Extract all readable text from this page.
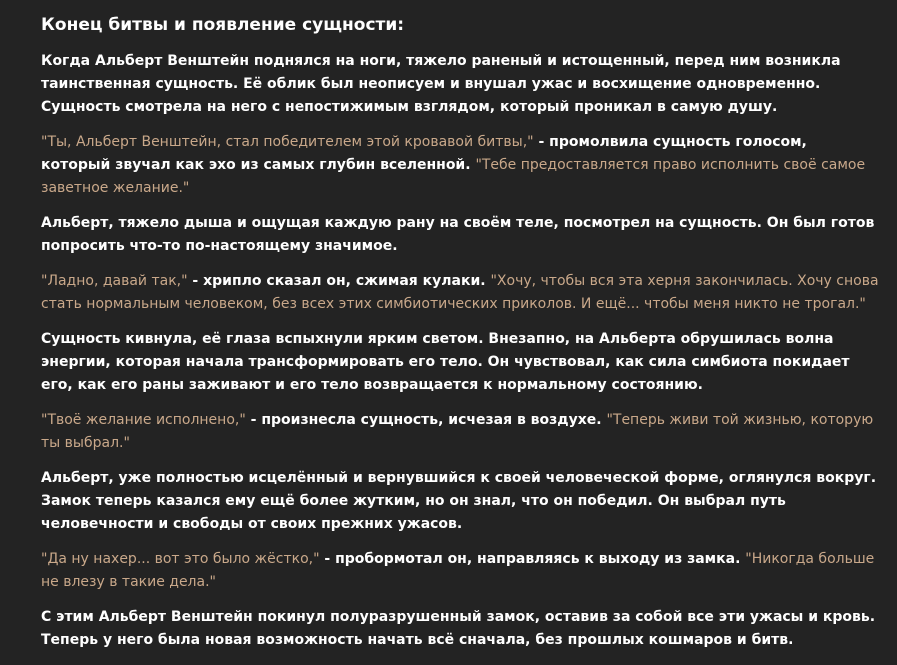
Конец битвы и появление сущности:

Когда Альберт Венштейн поднялся на ноги, тяжело раненый и истощенный, перед ним возникла таинственная сущность. Её облик был неописуем и внушал ужас и восхищение одновременно. Сущность смотрела на него с непостижимым взглядом, который проникал в самую душу.

"Ты, Альберт Венштейн, стал победителем этой кровавой битвы," - промолвила сущность голосом, который звучал как эхо из самых глубин вселенной. "Тебе предоставляется право исполнить своё самое заветное желание."

Альберт, тяжело дыша и ощущая каждую рану на своём теле, посмотрел на сущность. Он был готов попросить что-то по-настоящему значимое.

"Ладно, давай так," - хрипло сказал он, сжимая кулаки. "Хочу, чтобы вся эта херня закончилась. Хочу снова стать нормальным человеком, без всех этих симбиотических приколов. И ещё... чтобы меня никто не трогал."

Сущность кивнула, её глаза вспыхнули ярким светом. Внезапно, на Альберта обрушилась волна энергии, которая начала трансформировать его тело. Он чувствовал, как сила симбиота покидает его, как его раны заживают и его тело возвращается к нормальному состоянию.

"Твоё желание исполнено," - произнесла сущность, исчезая в воздухе. "Теперь живи той жизнью, которую ты выбрал."

Альберт, уже полностью исцелённый и вернувшийся к своей человеческой форме, оглянулся вокруг. Замок теперь казался ему ещё более жутким, но он знал, что он победил. Он выбрал путь человечности и свободы от своих прежних ужасов.

"Да ну нахер... вот это было жёстко," - пробормотал он, направляясь к выходу из замка. "Никогда больше не влезу в такие дела."

С этим Альберт Венштейн покинул полуразрушенный замок, оставив за собой все эти ужасы и кровь. Теперь у него была новая возможность начать всё сначала, без прошлых кошмаров и битв.
